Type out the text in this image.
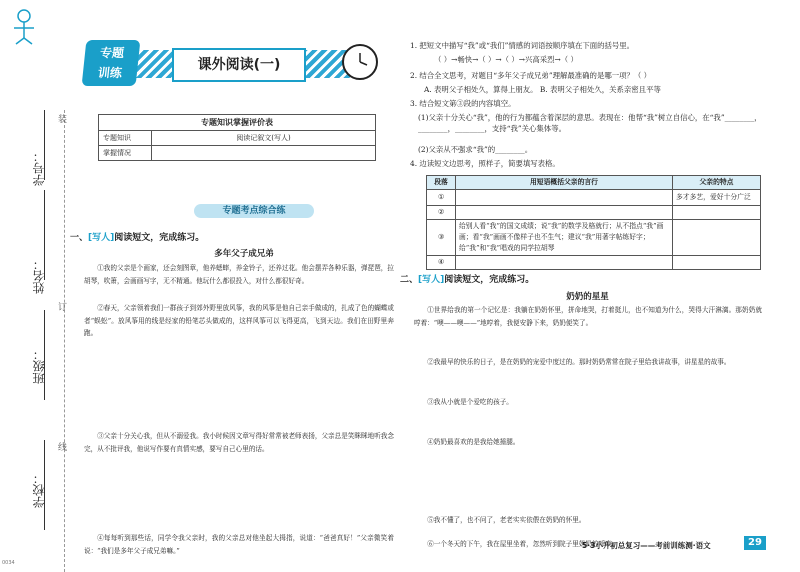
学校：
班级：
姓名：
学号：
装
订
线
专题
训练	课外阅读(一)
专题知识掌握评价表	
专题知识	阅读记叙文(写人)
掌握情况	
专题考点综合练
一、[写人]阅读短文，完成练习。
多年父子成兄弟
①我的父亲是个画家，还会刻图章，他养蟋蟀，养金铃子，还养过花。他会摆弄各种乐器，弹琵琶，拉胡琴，吹箫，会画画写字，无不精通。他玩什么都很投入，对什么都很好奇。
②春天，父亲领着我们一群孩子到郊外野里放风筝，我的风筝是他自己亲手做成的，扎成了色的蝴蝶或者“蜈蚣”。放风筝用的线是经家的铅笔芯头做成的，这样风筝可以飞得更高，飞到天边。我们在田野里奔跑。
③父亲十分关心我，但从不溺爱我。我小时候因文章写得好常常被老师表扬，父亲总是笑眯眯地听我念完，从不批评我，他说写作要有真情实感，要写自己心里的话。
④每每听到那些话，同学令我父亲时，我的父亲总对他坐起大拇指，说道：“爸爸真好！”父亲微笑着说：“我们是多年父子成兄弟嘛。”
1. 把短文中描写“我”或“我们”情感的词语按顺序填在下面的括号里。
（ ）→畅快→（ ）→（ ）→兴高采烈→（ ）
2. 结合全文思考，对题目“多年父子成兄弟”理解最准确的是哪一项？（ ）
A. 表明父子相处久，算得上朋友。 B. 表明父子相处久，关系亲密且平等
3. 结合短文第③段的内容填空。
(1)父亲十分关心“我”，他的行为都蕴含着深层的意思。表现在：他帮“我”树立自信心，在“我”________，________，________，支持“我”关心集体等。
(2)父亲从不强求“我”的________。
4. 边读短文边思考，照样子，简要填写表格。
段落	用短语概括父亲的言行	父亲的特点
①		多才多艺，爱好十分广泛
②		
③	给别人看“我”的国文成绩；说“我”的数学及格就行；从不指点“我”画画；看“我”画画不像样子也不生气；建议“我”用著字帖练好字；给“我”和“我”唱戏的同学拉胡琴	
④		
二、[写人]阅读短文，完成练习。
奶奶的星星
①世界给我的第一个记忆是：我躺在奶奶怀里，拼命地哭，打着挺儿，也不知道为什么，哭得大汗淋漓。那奶奶就哼着：“噢——噢——”地哼着，我便安静下来，奶奶便笑了。
②我最早的快乐的日子，是在奶奶的宠爱中度过的。那时奶奶常常在院子里给我讲故事，讲星星的故事。
③我从小就是个爱吃的孩子。
④奶奶最喜欢的是我给她捶腿。
⑤我不懂了，也不问了，老老实实依偎在奶奶的怀里。
⑥一个冬天的下午，我在屋里坐着，忽然听到院子里奶奶的呼唤。
5·3小升初总复习——考前训练测·语文	29
0034
